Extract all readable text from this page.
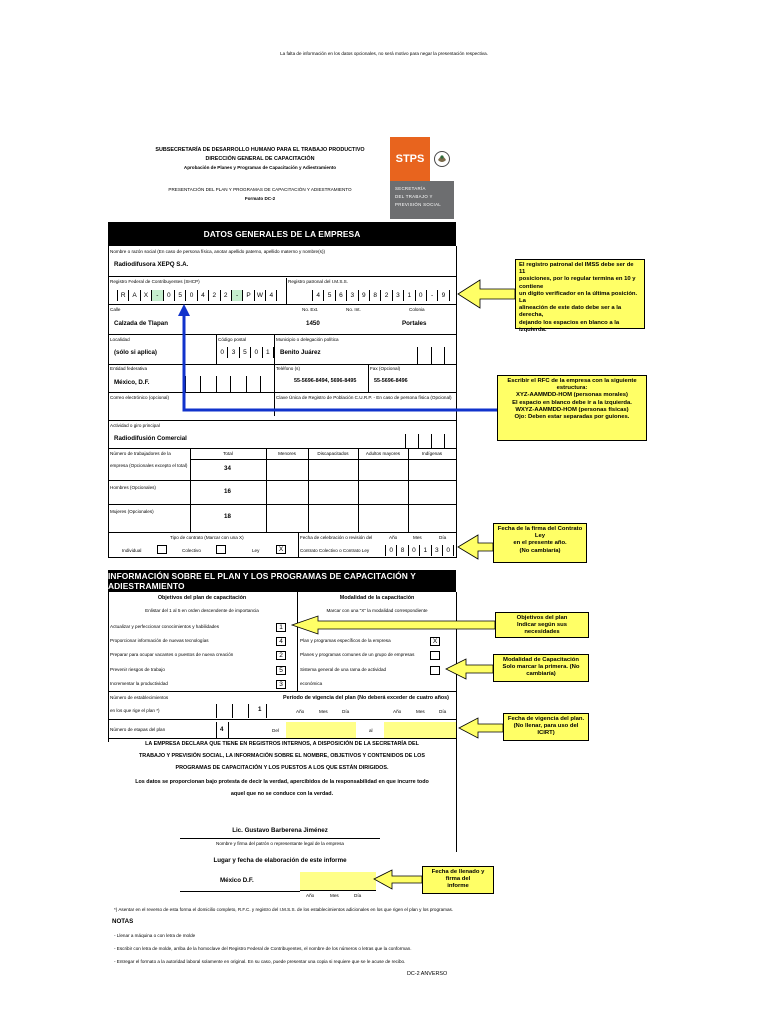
La falta de información en los datos opcionales, no será motivo para negar la presentación respectiva.
SUBSECRETARÍA DE DESARROLLO HUMANO PARA EL TRABAJO PRODUCTIVO
DIRECCIÓN GENERAL DE CAPACITACIÓN
Aprobación de Planes y Programas de Capacitación y Adiestramiento
PRESENTACIÓN DEL PLAN Y PROGRAMAS DE CAPACITACIÓN Y ADIESTRAMIENTO
Formato DC-2
STPS
SECRETARÍA
DEL TRABAJO Y
PREVISIÓN SOCIAL
DATOS GENERALES DE LA EMPRESA
Nombre o razón social (En caso de persona física, anotar apellido paterno, apellido materno y nombre(s))
Radiodifusora XEPQ S.A.
Registro Federal de Contribuyentes (SHCP)	Registro patronal del I.M.S.S.
R	A	X	-	0	5	0	4	2	2	-	P W	4	4	5	6	3	9	8	2	3	1	0	-	9
Calle
Calzada de Tlapan
No. Ext.
1450
No. Int.	Colonia
Portales
Localidad
(sólo si aplica)
Código postal
0	3	5	0	1
Municipio o delegación política
Benito Juárez
Entidad federativa
México, D.F.
Teléfono (s)
55-5696-8494, 5696-8495
Fax (Opcional)
55-5696-8496
Correo electrónico (opcional)	Clave Única de Registro de Población C.U.R.P. - En caso de persona física (Opcional)
Actividad o giro principal
Radiodifusión Comercial
Número de trabajadores de la
empresa (Opcionales excepto el total)
Total	Menores	Discapacitados	Adultos mayores	Indígenas
34
Hombres (Opcionales)
16
Mujeres (Opcionales)
18
Tipo de contrato (Marcar con una X)
Individual	Colectivo	Ley	X
Fecha de celebración o revisión del
Contrato Colectivo o Contrato Ley
Año	Mes	Día
0	8	0	1	3	0
INFORMACIÓN SOBRE EL PLAN Y LOS PROGRAMAS DE CAPACITACIÓN Y ADIESTRAMIENTO
Objetivos del plan de capacitación
Enlistar del 1 al 5 en orden descendente de importancia
Modalidad de la capacitación
Marcar con una "X" la modalidad correspondiente
Actualizar y perfeccionar conocimientos y habilidades	1
Proporcionar información de nuevas tecnologías	4
Preparar para ocupar vacantes o puestos de nueva creación	2
Prevenir riesgos de trabajo	5
Incrementar la productividad	3
Plan y programas específicos de la empresa	X
Planes y programas comunes de un grupo de empresas
Sistema general de una rama de actividad
económica
Número de establecimientos
en los que rige el plan *)	1
Período de vigencia del plan (No deberá exceder de cuatro años)
Año	Mes	Día	Año	Mes	Día
Número de etapas del plan	4	Del	al
LA EMPRESA DECLARA QUE TIENE EN REGISTROS INTERNOS, A DISPOSICIÓN DE LA SECRETARÍA DEL
TRABAJO Y PREVISIÓN SOCIAL, LA INFORMACIÓN SOBRE EL NOMBRE, OBJETIVOS Y CONTENIDOS DE LOS
PROGRAMAS DE CAPACITACIÓN Y LOS PUESTOS A LOS QUE ESTÁN DIRIGIDOS.
Los datos se proporcionan bajo protesta de decir la verdad, apercibidos de la responsabilidad en que incurre todo
aquel que no se conduce con la verdad.
Lic. Gustavo Barberena Jiménez
Nombre y firma del patrón o representante legal de la empresa
Lugar y fecha de elaboración de este informe
México D.F.
Año	Mes	Día
*) Asentar en el reverso de esta forma el domicilio completo, R.F.C. y registro del I.M.S.S. de los establecimientos adicionales en los que rigen el plan y los programas.
NOTAS
- Llenar a máquina o con letra de molde
- Escribir con letra de molde, arriba de la homoclave del Registro Federal de Contribuyentes, el nombre de los números o letras que la conforman.
- Entregar el formato a la autoridad laboral solamente en original. En su caso, puede presentar una copia si requiere que se le acuse de recibo.
DC-2 ANVERSO
El registro patronal del IMSS debe ser de 11
posiciones, por lo regular termina en 10 y contiene
un dígito verificador en la última posición. La
alineación de este dato debe ser a la derecha,
dejando los espacios en blanco a la izquierda.
Escribir el RFC de la empresa con la siguiente estructura:
XYZ-AAMMDD-HOM (personas morales)
El espacio en blanco debe ir a la izquierda.
WXYZ-AAMMDD-HOM (personas físicas)
Ojo: Deben estar separadas por guiones.
Fecha de la firma del Contrato Ley
en el presente año.
(No cambiaría)
Objetivos del plan
Indicar según sus necesidades
Modalidad de Capacitación
Solo marcar la primera. (No cambiaría)
Fecha de vigencia del plan.
(No llenar, para uso del ICIRT)
Fecha de llenado y firma del
informe
